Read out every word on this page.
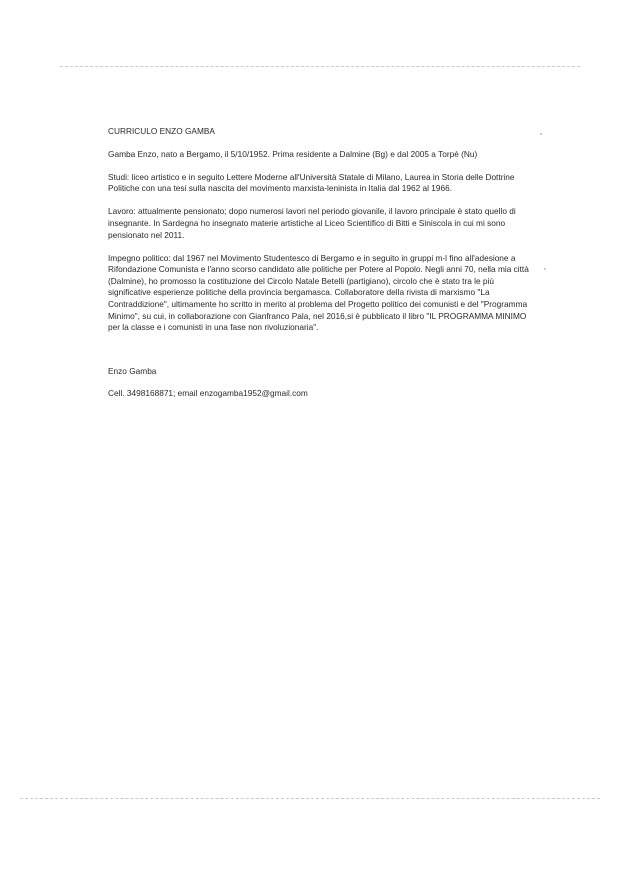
CURRICULO ENZO GAMBA
Gamba Enzo, nato a Bergamo, il 5/10/1952. Prima residente a Dalmine (Bg) e dal 2005 a Torpè (Nu)
Studi: liceo artistico e in seguito Lettere Moderne all'Università Statale di Milano, Laurea in Storia delle Dottrine Politiche con una tesi sulla nascita del movimento marxista-leninista in Italia dal 1962 al 1966.
Lavoro: attualmente pensionato; dopo numerosi lavori nel periodo giovanile, il lavoro principale è stato quello di insegnante. In Sardegna ho insegnato materie artistiche al Liceo Scientifico di Bitti e Siniscola in cui mi sono pensionato nel 2011.
Impegno politico: dal 1967 nel Movimento Studentesco di Bergamo e in seguito in gruppi m-l fino all'adesione a Rifondazione Comunista e l'anno scorso candidato alle politiche per Potere al Popolo. Negli anni 70, nella mia città (Dalmine), ho promosso la costituzione del Circolo Natale Betelli (partigiano), circolo che è stato tra le più significative esperienze politiche della provincia bergamasca. Collaboratore della rivista di marxismo "La Contraddizione", ultimamente ho scritto in merito al problema del Progetto politico dei comunisti e del "Programma Minimo", su cui, in collaborazione con Gianfranco Pala, nel 2016,si è pubblicato il libro "IL PROGRAMMA MINIMO per la classe e i comunisti in una fase non rivoluzionaria".
Enzo Gamba
Cell. 3498168871; email enzogamba1952@gmail.com
